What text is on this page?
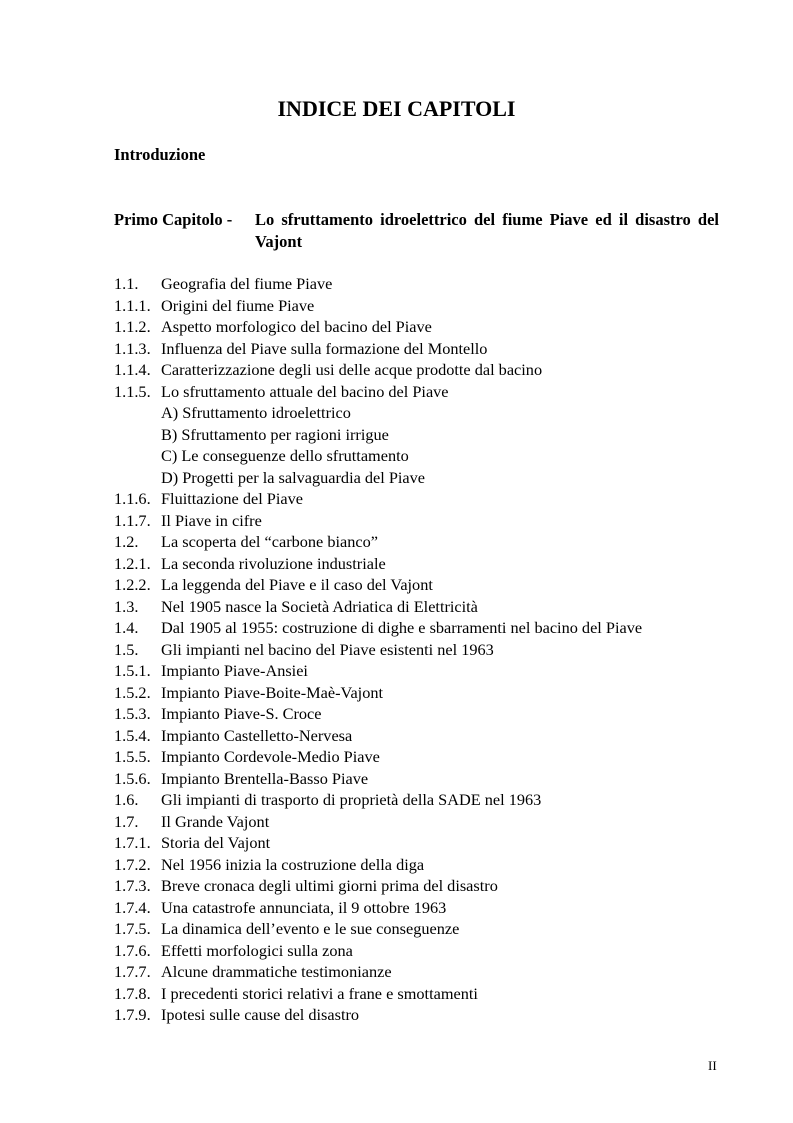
INDICE DEI CAPITOLI
Introduzione
Primo Capitolo - Lo sfruttamento idroelettrico del fiume Piave ed il disastro del Vajont
1.1. Geografia del fiume Piave
1.1.1. Origini del fiume Piave
1.1.2. Aspetto morfologico del bacino del Piave
1.1.3. Influenza del Piave sulla formazione del Montello
1.1.4. Caratterizzazione degli usi delle acque prodotte dal bacino
1.1.5. Lo sfruttamento attuale del bacino del Piave
A) Sfruttamento idroelettrico
B) Sfruttamento per ragioni irrigue
C) Le conseguenze dello sfruttamento
D) Progetti per la salvaguardia del Piave
1.1.6. Fluittazione del Piave
1.1.7. Il Piave in cifre
1.2. La scoperta del “carbone bianco”
1.2.1. La seconda rivoluzione industriale
1.2.2. La leggenda del Piave e il caso del Vajont
1.3. Nel 1905 nasce la Società Adriatica di Elettricità
1.4. Dal 1905 al 1955: costruzione di dighe e sbarramenti nel bacino del Piave
1.5. Gli impianti nel bacino del Piave esistenti nel 1963
1.5.1. Impianto Piave-Ansiei
1.5.2. Impianto Piave-Boite-Maè-Vajont
1.5.3. Impianto Piave-S. Croce
1.5.4. Impianto Castelletto-Nervesa
1.5.5. Impianto Cordevole-Medio Piave
1.5.6. Impianto Brentella-Basso Piave
1.6. Gli impianti di trasporto di proprietà della SADE nel 1963
1.7. Il Grande Vajont
1.7.1. Storia del Vajont
1.7.2. Nel 1956 inizia la costruzione della diga
1.7.3. Breve cronaca degli ultimi giorni prima del disastro
1.7.4. Una catastrofe annunciata, il 9 ottobre 1963
1.7.5. La dinamica dell’evento e le sue conseguenze
1.7.6. Effetti morfologici sulla zona
1.7.7. Alcune drammatiche testimonianze
1.7.8. I precedenti storici relativi a frane e smottamenti
1.7.9. Ipotesi sulle cause del disastro
II
